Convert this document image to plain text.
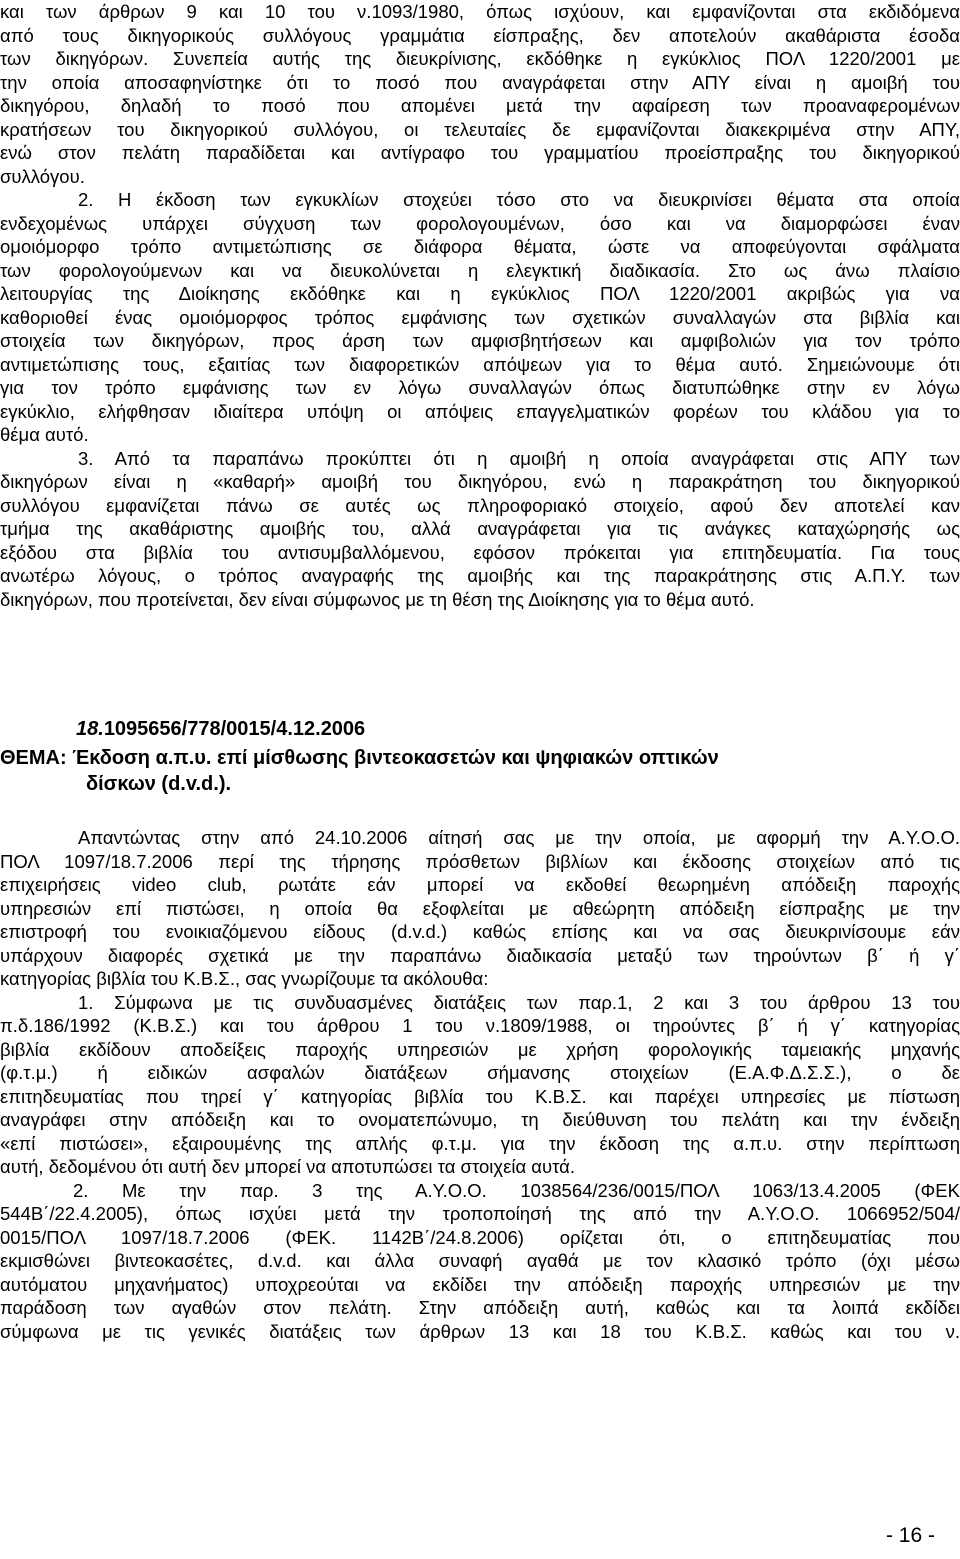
και των άρθρων 9 και 10 του ν.1093/1980, όπως ισχύουν, και εμφανίζονται στα εκδιδόμενα
από τους δικηγορικούς συλλόγους γραμμάτια είσπραξης, δεν αποτελούν ακαθάριστα έσοδα
των δικηγόρων. Συνεπεία αυτής της διευκρίνισης, εκδόθηκε η εγκύκλιος ΠΟΛ 1220/2001 με
την οποία αποσαφηνίστηκε ότι το ποσό που αναγράφεται στην ΑΠΥ είναι η αμοιβή του
δικηγόρου, δηλαδή το ποσό που απομένει μετά την αφαίρεση των προαναφερομένων
κρατήσεων του δικηγορικού συλλόγου, οι τελευταίες δε εμφανίζονται διακεκριμένα στην ΑΠΥ,
ενώ στον πελάτη παραδίδεται και αντίγραφο του γραμματίου προείσπραξης του δικηγορικού
συλλόγου.
2. Η έκδοση των εγκυκλίων στοχεύει τόσο στο να διευκρινίσει θέματα στα οποία
ενδεχομένως υπάρχει σύγχυση των φορολογουμένων, όσο και να διαμορφώσει έναν
ομοιόμορφο τρόπο αντιμετώπισης σε διάφορα θέματα, ώστε να αποφεύγονται σφάλματα
των φορολογούμενων και να διευκολύνεται η ελεγκτική διαδικασία. Στο ως άνω πλαίσιο
λειτουργίας της Διοίκησης εκδόθηκε και η εγκύκλιος ΠΟΛ 1220/2001 ακριβώς για να
καθοριοθεί ένας ομοιόμορφος τρόπος εμφάνισης των σχετικών συναλλαγών στα βιβλία και
στοιχεία των δικηγόρων, προς άρση των αμφισβητήσεων και αμφιβολιών για τον τρόπο
αντιμετώπισης τους, εξαιτίας των διαφορετικών απόψεων για το θέμα αυτό. Σημειώνουμε ότι
για τον τρόπο εμφάνισης των εν λόγω συναλλαγών όπως διατυπώθηκε στην εν λόγω
εγκύκλιο, ελήφθησαν ιδιαίτερα υπόψη οι απόψεις επαγγελματικών φορέων του κλάδου για το
θέμα αυτό.
3. Από τα παραπάνω προκύπτει ότι η αμοιβή η οποία αναγράφεται στις ΑΠΥ των
δικηγόρων είναι η «καθαρή» αμοιβή του δικηγόρου, ενώ η παρακράτηση του δικηγορικού
συλλόγου εμφανίζεται πάνω σε αυτές ως πληροφοριακό στοιχείο, αφού δεν αποτελεί καν
τμήμα της ακαθάριστης αμοιβής του, αλλά αναγράφεται για τις ανάγκες καταχώρησής ως
εξόδου στα βιβλία του αντισυμβαλλόμενου, εφόσον πρόκειται για επιτηδευματία. Για τους
ανωτέρω λόγους, ο τρόπος αναγραφής της αμοιβής και της παρακράτησης στις Α.Π.Υ. των
δικηγόρων, που προτείνεται, δεν είναι σύμφωνος με τη θέση της Διοίκησης για το θέμα αυτό.
18.1095656/778/0015/4.12.2006
ΘΕΜΑ: Έκδοση α.π.υ. επί μίσθωσης βιντεοκασετών και ψηφιακών οπτικών
δίσκων (d.v.d.).
Απαντώντας στην από 24.10.2006 αίτησή σας με την οποία, με αφορμή την Α.Υ.Ο.Ο.
ΠΟΛ 1097/18.7.2006 περί της τήρησης πρόσθετων βιβλίων και έκδοσης στοιχείων από τις
επιχειρήσεις video club, ρωτάτε εάν μπορεί να εκδοθεί θεωρημένη απόδειξη παροχής
υπηρεσιών επί πιστώσει, η οποία θα εξοφλείται με αθεώρητη απόδειξη είσπραξης με την
επιστροφή του ενοικιαζόμενου είδους (d.v.d.) καθώς επίσης και να σας διευκρινίσουμε εάν
υπάρχουν διαφορές σχετικά με την παραπάνω διαδικασία μεταξύ των τηρούντων β΄ ή γ΄
κατηγορίας βιβλία του Κ.Β.Σ., σας γνωρίζουμε τα ακόλουθα:
1. Σύμφωνα με τις συνδυασμένες διατάξεις των παρ.1, 2 και 3 του άρθρου 13 του
π.δ.186/1992 (Κ.Β.Σ.) και του άρθρου 1 του ν.1809/1988, οι τηρούντες β΄ ή γ΄ κατηγορίας
βιβλία εκδίδουν αποδείξεις παροχής υπηρεσιών με χρήση φορολογικής ταμειακής μηχανής
(φ.τ.μ.) ή ειδικών ασφαλών διατάξεων σήμανσης στοιχείων (Ε.Α.Φ.Δ.Σ.Σ.), ο δε
επιτηδευματίας που τηρεί γ΄ κατηγορίας βιβλία του Κ.Β.Σ. και παρέχει υπηρεσίες με πίστωση
αναγράφει στην απόδειξη και το ονοματεπώνυμο, τη διεύθυνση του πελάτη και την ένδειξη
«επί πιστώσει», εξαιρουμένης της απλής φ.τ.μ. για την έκδοση της α.π.υ. στην περίπτωση
αυτή, δεδομένου ότι αυτή δεν μπορεί να αποτυπώσει τα στοιχεία αυτά.
2. Με την παρ. 3 της Α.Υ.Ο.Ο. 1038564/236/0015/ΠΟΛ 1063/13.4.2005 (ΦΕΚ
544Β΄/22.4.2005), όπως ισχύει μετά την τροποποίησή της από την Α.Υ.Ο.Ο. 1066952/504/
0015/ΠΟΛ 1097/18.7.2006 (ΦΕΚ. 1142Β΄/24.8.2006) ορίζεται ότι, ο επιτηδευματίας που
εκμισθώνει βιντεοκασέτες, d.v.d. και άλλα συναφή αγαθά με τον κλασικό τρόπο (όχι μέσω
αυτόματου μηχανήματος) υποχρεούται να εκδίδει την απόδειξη παροχής υπηρεσιών με την
παράδοση των αγαθών στον πελάτη. Στην απόδειξη αυτή, καθώς και τα λοιπά εκδίδει
σύμφωνα με τις γενικές διατάξεις των άρθρων 13 και 18 του Κ.Β.Σ. καθώς και του ν.
- 16 -
